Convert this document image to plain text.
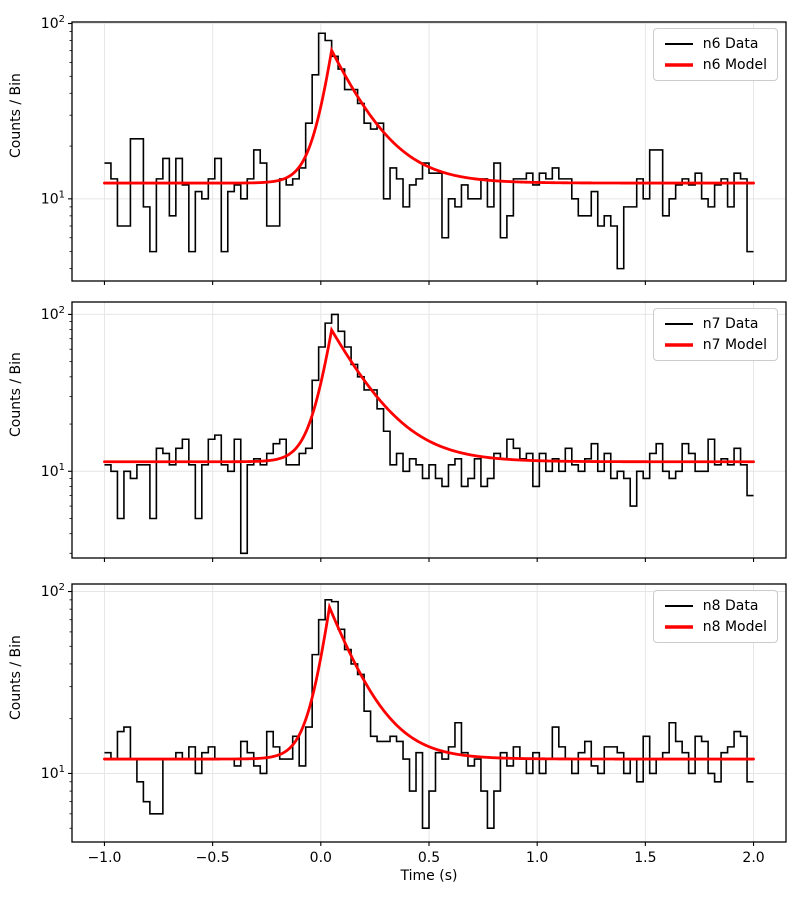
$10^1$
$10^2$
$10^1$
$10^2$
$10^1$
$10^2$
−1.0	−0.5	0.0	0.5	1.0	1.5	2.0
Counts / Bin
Counts / Bin
Counts / Bin
Time (s)
n6 Data
n6 Model
n7 Data
n7 Model
n8 Data
n8 Model
